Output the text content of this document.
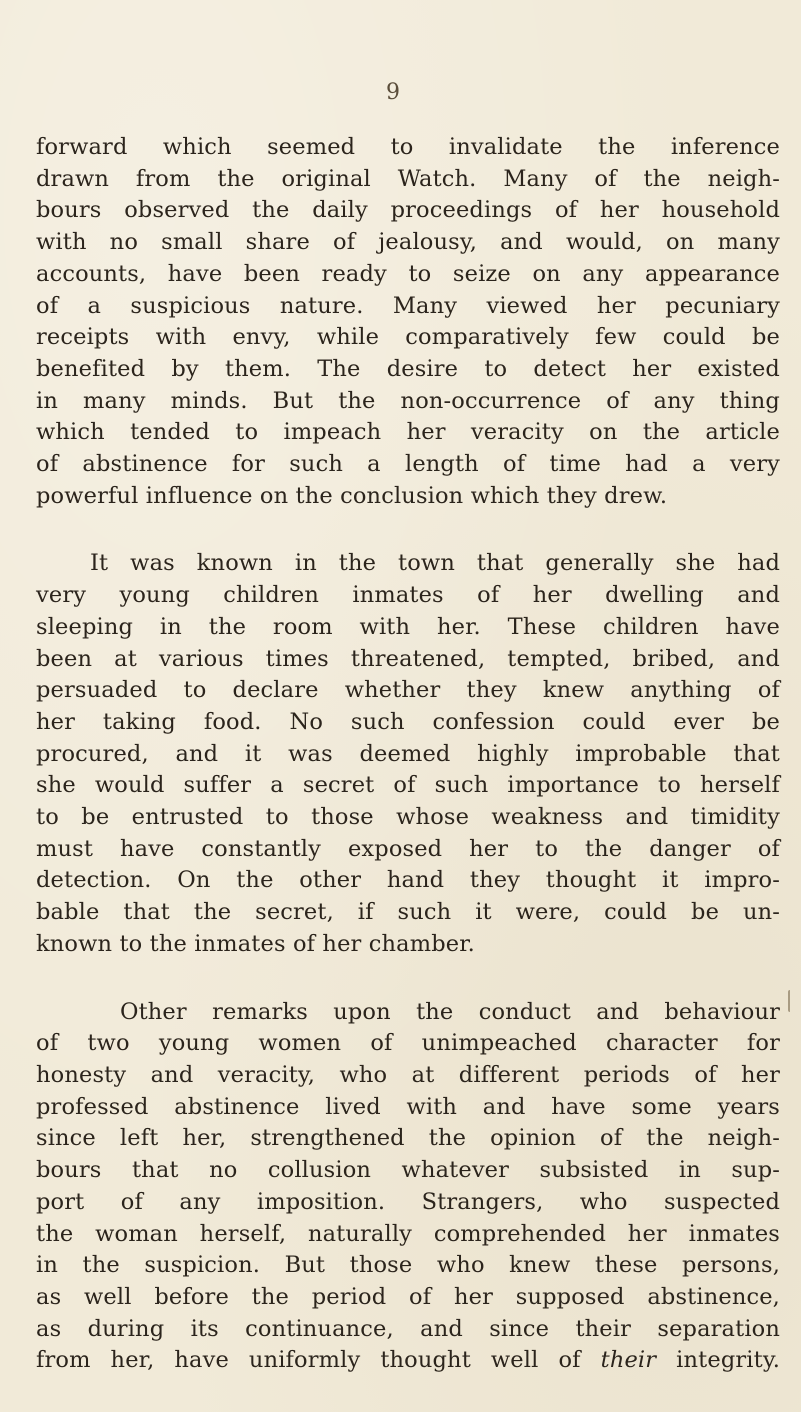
9
forward which seemed to invalidate the inference
drawn from the original Watch. Many of the neigh-
bours observed the daily proceedings of her household
with no small share of jealousy, and would, on many
accounts, have been ready to seize on any appearance
of a suspicious nature. Many viewed her pecuniary
receipts with envy, while comparatively few could be
benefited by them. The desire to detect her existed
in many minds. But the non-occurrence of any thing
which tended to impeach her veracity on the article
of abstinence for such a length of time had a very
powerful influence on the conclusion which they drew.
It was known in the town that generally she had
very young children inmates of her dwelling and
sleeping in the room with her. These children have
been at various times threatened, tempted, bribed, and
persuaded to declare whether they knew anything of
her taking food. No such confession could ever be
procured, and it was deemed highly improbable that
she would suffer a secret of such importance to herself
to be entrusted to those whose weakness and timidity
must have constantly exposed her to the danger of
detection. On the other hand they thought it impro-
bable that the secret, if such it were, could be un-
known to the inmates of her chamber.
Other remarks upon the conduct and behaviour
of two young women of unimpeached character for
honesty and veracity, who at different periods of her
professed abstinence lived with and have some years
since left her, strengthened the opinion of the neigh-
bours that no collusion whatever subsisted in sup-
port of any imposition. Strangers, who suspected
the woman herself, naturally comprehended her inmates
in the suspicion. But those who knew these persons,
as well before the period of her supposed abstinence,
as during its continuance, and since their separation
from her, have uniformly thought well of their integrity.
